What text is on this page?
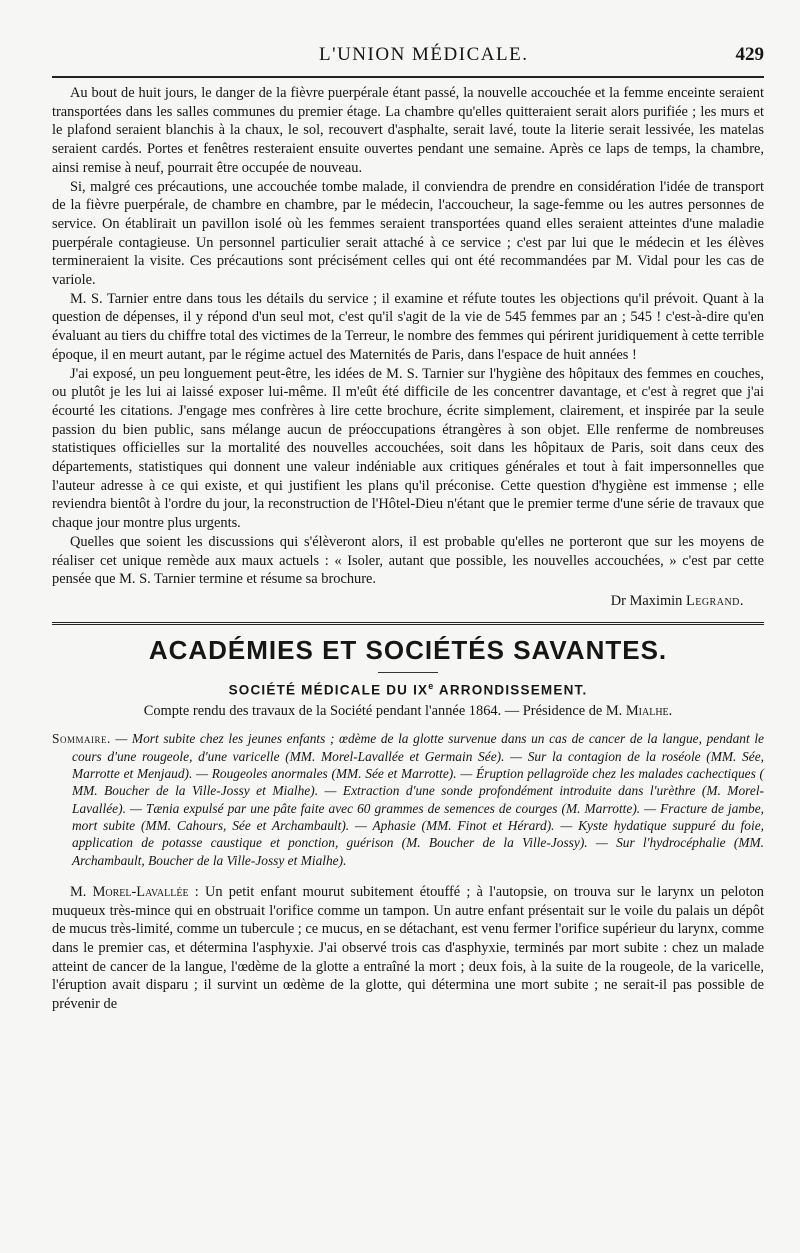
L'UNION MÉDICALE.	429

Au bout de huit jours, le danger de la fièvre puerpérale étant passé, la nouvelle accouchée et la femme enceinte seraient transportées dans les salles communes du premier étage. La chambre qu'elles quitteraient serait alors purifiée ; les murs et le plafond seraient blanchis à la chaux, le sol, recouvert d'asphalte, serait lavé, toute la literie serait lessivée, les matelas seraient cardés. Portes et fenêtres resteraient ensuite ouvertes pendant une semaine. Après ce laps de temps, la chambre, ainsi remise à neuf, pourrait être occupée de nouveau.

Si, malgré ces précautions, une accouchée tombe malade, il conviendra de prendre en considération l'idée de transport de la fièvre puerpérale, de chambre en chambre, par le médecin, l'accoucheur, la sage-femme ou les autres personnes de service. On établirait un pavillon isolé où les femmes seraient transportées quand elles seraient atteintes d'une maladie puerpérale contagieuse. Un personnel particulier serait attaché à ce service ; c'est par lui que le médecin et les élèves termineraient la visite. Ces précautions sont précisément celles qui ont été recommandées par M. Vidal pour les cas de variole.

M. S. Tarnier entre dans tous les détails du service ; il examine et réfute toutes les objections qu'il prévoit. Quant à la question de dépenses, il y répond d'un seul mot, c'est qu'il s'agit de la vie de 545 femmes par an ; 545 ! c'est-à-dire qu'en évaluant au tiers du chiffre total des victimes de la Terreur, le nombre des femmes qui périrent juridiquement à cette terrible époque, il en meurt autant, par le régime actuel des Maternités de Paris, dans l'espace de huit années !

J'ai exposé, un peu longuement peut-être, les idées de M. S. Tarnier sur l'hygiène des hôpitaux des femmes en couches, ou plutôt je les lui ai laissé exposer lui-même. Il m'eût été difficile de les concentrer davantage, et c'est à regret que j'ai écourté les citations. J'engage mes confrères à lire cette brochure, écrite simplement, clairement, et inspirée par la seule passion du bien public, sans mélange aucun de préoccupations étrangères à son objet. Elle renferme de nombreuses statistiques officielles sur la mortalité des nouvelles accouchées, soit dans les hôpitaux de Paris, soit dans ceux des départements, statistiques qui donnent une valeur indéniable aux critiques générales et tout à fait impersonnelles que l'auteur adresse à ce qui existe, et qui justifient les plans qu'il préconise. Cette question d'hygiène est immense ; elle reviendra bientôt à l'ordre du jour, la reconstruction de l'Hôtel-Dieu n'étant que le premier terme d'une série de travaux que chaque jour montre plus urgents.

Quelles que soient les discussions qui s'élèveront alors, il est probable qu'elles ne porteront que sur les moyens de réaliser cet unique remède aux maux actuels : « Isoler, autant que possible, les nouvelles accouchées, » c'est par cette pensée que M. S. Tarnier termine et résume sa brochure.

Dr Maximin Legrand.
ACADÉMIES ET SOCIÉTÉS SAVANTES.
SOCIÉTÉ MÉDICALE DU IXe ARRONDISSEMENT.
Compte rendu des travaux de la Société pendant l'année 1864. — Présidence de M. Mialhe.
Sommaire. — Mort subite chez les jeunes enfants ; œdème de la glotte survenue dans un cas de cancer de la langue, pendant le cours d'une rougeole, d'une varicelle (MM. Morel-Lavallée et Germain Sée). — Sur la contagion de la roséole (MM. Sée, Marrotte et Menjaud). — Rougeoles anormales (MM. Sée et Marrotte). — Éruption pellagroïde chez les malades cachectiques ( MM. Boucher de la Ville-Jossy et Mialhe). — Extraction d'une sonde profondément introduite dans l'urèthre (M. Morel-Lavallée). — Tænia expulsé par une pâte faite avec 60 grammes de semences de courges (M. Marrotte). — Fracture de jambe, mort subite (MM. Cahours, Sée et Archambault). — Aphasie (MM. Finot et Hérard). — Kyste hydatique suppuré du foie, application de potasse caustique et ponction, guérison (M. Boucher de la Ville-Jossy). — Sur l'hydrocéphalie (MM. Archambault, Boucher de la Ville-Jossy et Mialhe).

M. Morel-Lavallée : Un petit enfant mourut subitement étouffé ; à l'autopsie, on trouva sur le larynx un peloton muqueux très-mince qui en obstruait l'orifice comme un tampon. Un autre enfant présentait sur le voile du palais un dépôt de mucus très-limité, comme un tubercule ; ce mucus, en se détachant, est venu fermer l'orifice supérieur du larynx, comme dans le premier cas, et détermina l'asphyxie. J'ai observé trois cas d'asphyxie, terminés par mort subite : chez un malade atteint de cancer de la langue, l'œdème de la glotte a entraîné la mort ; deux fois, à la suite de la rougeole, de la varicelle, l'éruption avait disparu ; il survint un œdème de la glotte, qui détermina une mort subite ; ne serait-il pas possible de prévenir de
